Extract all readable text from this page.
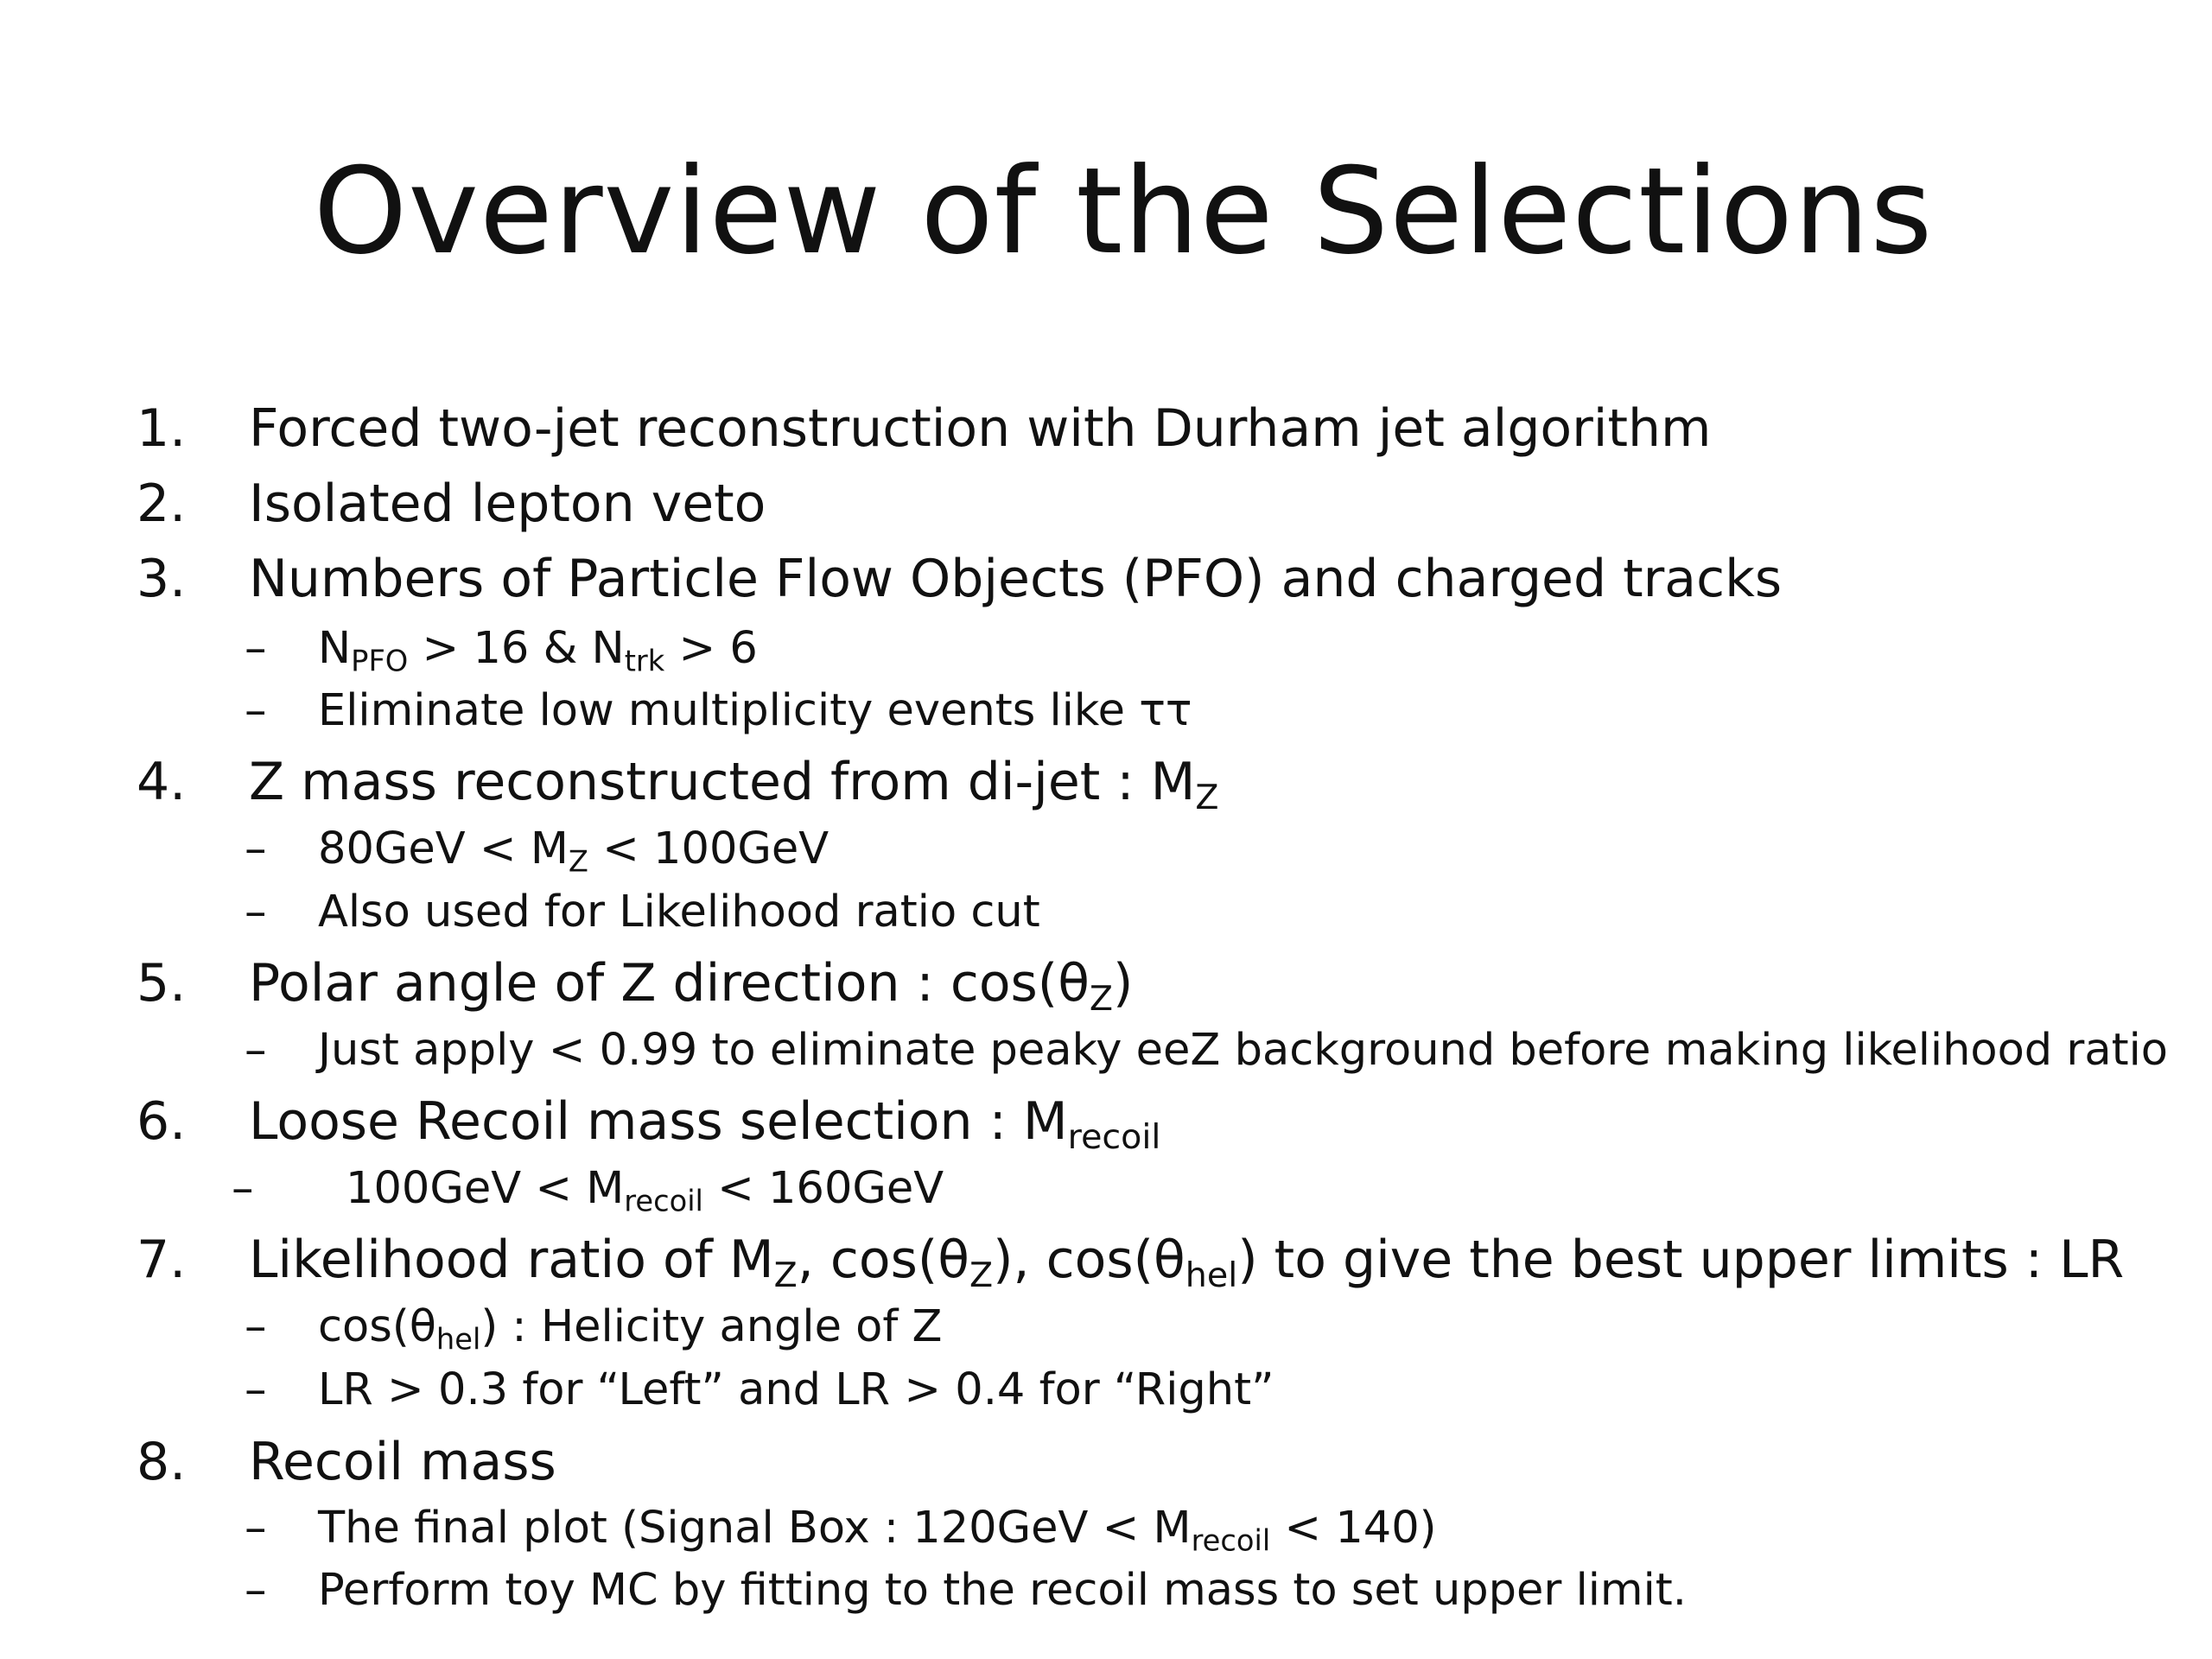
Overview of the Selections
1. Forced two-jet reconstruction with Durham jet algorithm
2. Isolated lepton veto
3. Numbers of Particle Flow Objects (PFO) and charged tracks
– $N_{PFO} > 16$ & $N_{trk} > 6$
– Eliminate low multiplicity events like ττ
4. Z mass reconstructed from di-jet : $M_Z$
– $80GeV < M_Z < 100GeV$
– Also used for Likelihood ratio cut
5. Polar angle of Z direction : $\cos(\theta_Z)$
– Just apply < 0.99 to eliminate peaky eeZ background before making likelihood ratio
6. Loose Recoil mass selection : $M_{recoil}$
– $100GeV < M_{recoil} < 160GeV$
7. Likelihood ratio of $M_Z$, $\cos(\theta_Z)$, $\cos(\theta_{hel})$ to give the best upper limits : LR
– $\cos(\theta_{hel})$ : Helicity angle of Z
– LR > 0.3 for “Left” and LR > 0.4 for “Right”
8. Recoil mass
– The final plot (Signal Box : $120GeV < M_{recoil} < 140$)
– Perform toy MC by fitting to the recoil mass to set upper limit.
